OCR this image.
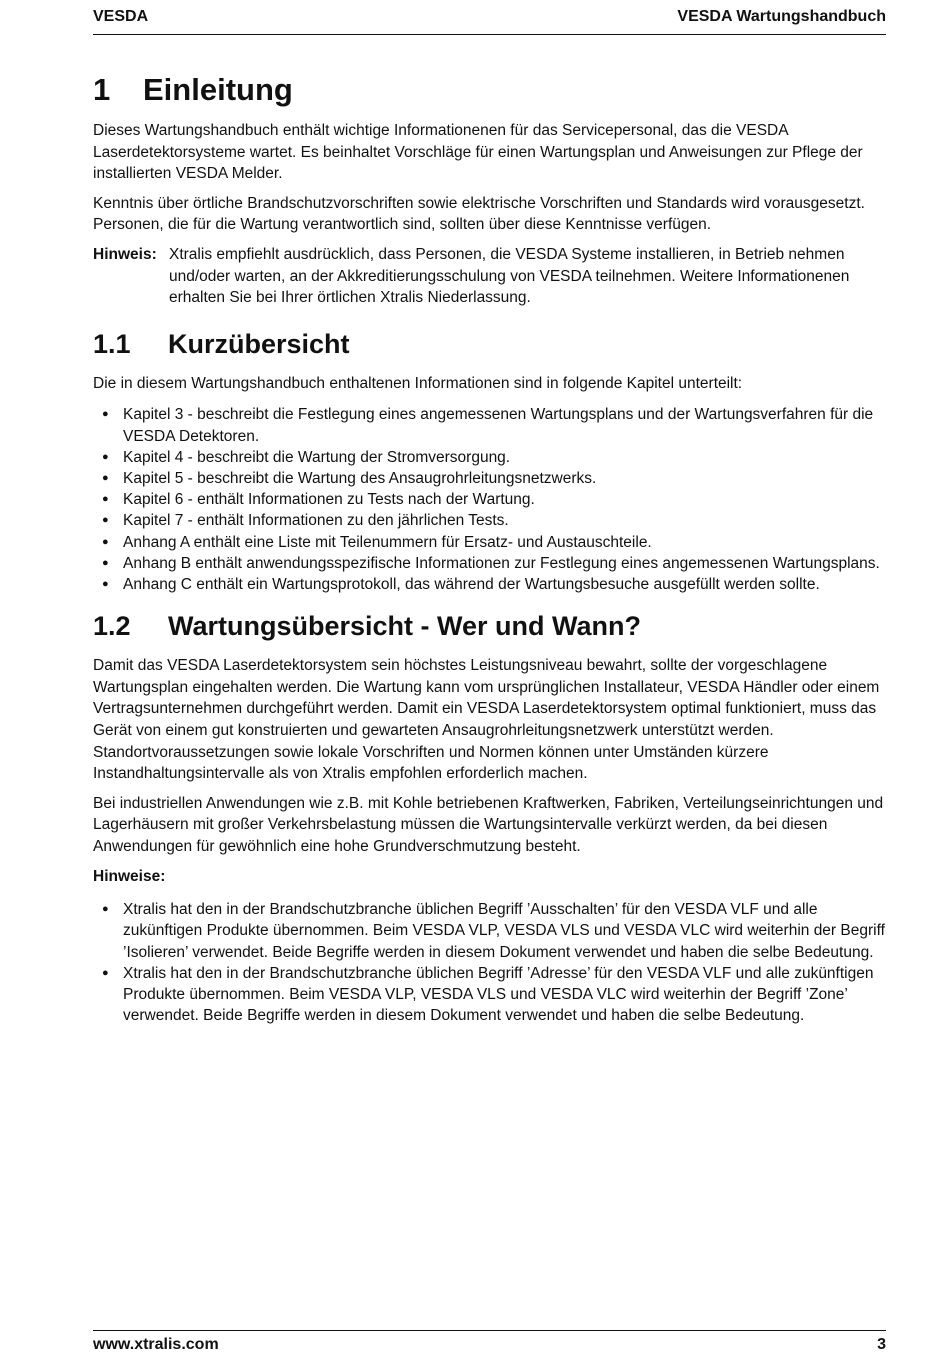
VESDA	VESDA Wartungshandbuch
1	Einleitung

Dieses Wartungshandbuch enthält wichtige Informationenen für das Servicepersonal, das die VESDA Laserdetektorsysteme wartet. Es beinhaltet Vorschläge für einen Wartungsplan und Anweisungen zur Pflege der installierten VESDA Melder.

Kenntnis über örtliche Brandschutzvorschriften sowie elektrische Vorschriften und Standards wird vorausgesetzt. Personen, die für die Wartung verantwortlich sind, sollten über diese Kenntnisse verfügen.

Hinweis: Xtralis empfiehlt ausdrücklich, dass Personen, die VESDA Systeme installieren, in Betrieb nehmen und/oder warten, an der Akkreditierungsschulung von VESDA teilnehmen. Weitere Informationenen erhalten Sie bei Ihrer örtlichen Xtralis Niederlassung.
1.1	Kurzübersicht

Die in diesem Wartungshandbuch enthaltenen Informationen sind in folgende Kapitel unterteilt:

● Kapitel 3 - beschreibt die Festlegung eines angemessenen Wartungsplans und der Wartungsverfahren für die VESDA Detektoren.
● Kapitel 4 - beschreibt die Wartung der Stromversorgung.
● Kapitel 5 - beschreibt die Wartung des Ansaugrohrleitungsnetzwerks.
● Kapitel 6 - enthält Informationen zu Tests nach der Wartung.
● Kapitel 7 - enthält Informationen zu den jährlichen Tests.
● Anhang A enthält eine Liste mit Teilenummern für Ersatz- und Austauschteile.
● Anhang B enthält anwendungsspezifische Informationen zur Festlegung eines angemessenen Wartungsplans.
● Anhang C enthält ein Wartungsprotokoll, das während der Wartungsbesuche ausgefüllt werden sollte.
1.2	Wartungsübersicht - Wer und Wann?

Damit das VESDA Laserdetektorsystem sein höchstes Leistungsniveau bewahrt, sollte der vorgeschlagene Wartungsplan eingehalten werden. Die Wartung kann vom ursprünglichen Installateur, VESDA Händler oder einem Vertragsunternehmen durchgeführt werden. Damit ein VESDA Laserdetektorsystem optimal funktioniert, muss das Gerät von einem gut konstruierten und gewarteten Ansaugrohrleitungsnetzwerk unterstützt werden. Standortvoraussetzungen sowie lokale Vorschriften und Normen können unter Umständen kürzere Instandhaltungsintervalle als von Xtralis empfohlen erforderlich machen.

Bei industriellen Anwendungen wie z.B. mit Kohle betriebenen Kraftwerken, Fabriken, Verteilungseinrichtungen und Lagerhäusern mit großer Verkehrsbelastung müssen die Wartungsintervalle verkürzt werden, da bei diesen Anwendungen für gewöhnlich eine hohe Grundverschmutzung besteht.

Hinweise:
● Xtralis hat den in der Brandschutzbranche üblichen Begriff ’Ausschalten’ für den VESDA VLF und alle zukünftigen Produkte übernommen. Beim VESDA VLP, VESDA VLS und VESDA VLC wird weiterhin der Begriff ’Isolieren’ verwendet. Beide Begriffe werden in diesem Dokument verwendet und haben die selbe Bedeutung.
● Xtralis hat den in der Brandschutzbranche üblichen Begriff ’Adresse’ für den VESDA VLF und alle zukünftigen Produkte übernommen. Beim VESDA VLP, VESDA VLS und VESDA VLC wird weiterhin der Begriff ’Zone’ verwendet. Beide Begriffe werden in diesem Dokument verwendet und haben die selbe Bedeutung.
www.xtralis.com	3
